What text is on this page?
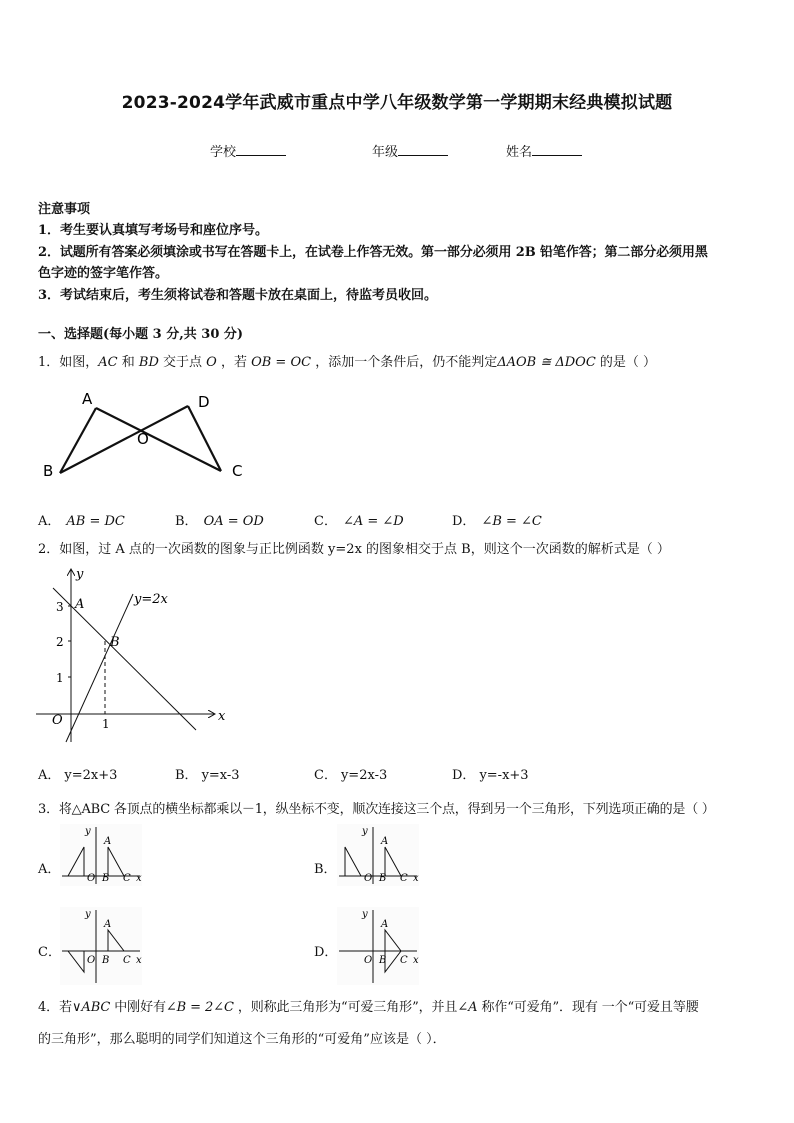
2023-2024学年武威市重点中学八年级数学第一学期期末经典模拟试题
学校	年级	姓名
注意事项
1．考生要认真填写考场号和座位序号。
2．试题所有答案必须填涂或书写在答题卡上，在试卷上作答无效。第一部分必须用 2B 铅笔作答；第二部分必须用黑
色字迹的签字笔作答。
3．考试结束后，考生须将试卷和答题卡放在桌面上，待监考员收回。
一、选择题(每小题 3 分,共 30 分)
1．如图，AC 和 BD 交于点 O ，若 OB = OC ，添加一个条件后，仍不能判定ΔAOB ≅ ΔDOC 的是（ ）
A	D
O
B	C
A． AB = DC	B． OA = OD	C． ∠A = ∠D	D． ∠B = ∠C
2．如图，过 A 点的一次函数的图象与正比例函数 y=2x 的图象相交于点 B，则这个一次函数的解析式是（ ）
y
x
O
3
2
1
1
y=2x
A
B
A． y=2x+3	B． y=x-3	C． y=2x-3	D． y=-x+3
3．将△ABC 各顶点的横坐标都乘以－1，纵坐标不变，顺次连接这三个点，得到另一个三角形，下列选项正确的是（ ）
A．
y
x
O
A
B C
B．
y
x
O
A
B C
C．
y
x
O
A
B C
D．
y
x
O
A
B C
4．若∨ABC 中刚好有∠B = 2∠C ，则称此三角形为“可爱三角形”，并且∠A 称作“可爱角”．现有 一个“可爱且等腰
的三角形”，那么聪明的同学们知道这个三角形的“可爱角”应该是（ ）．
